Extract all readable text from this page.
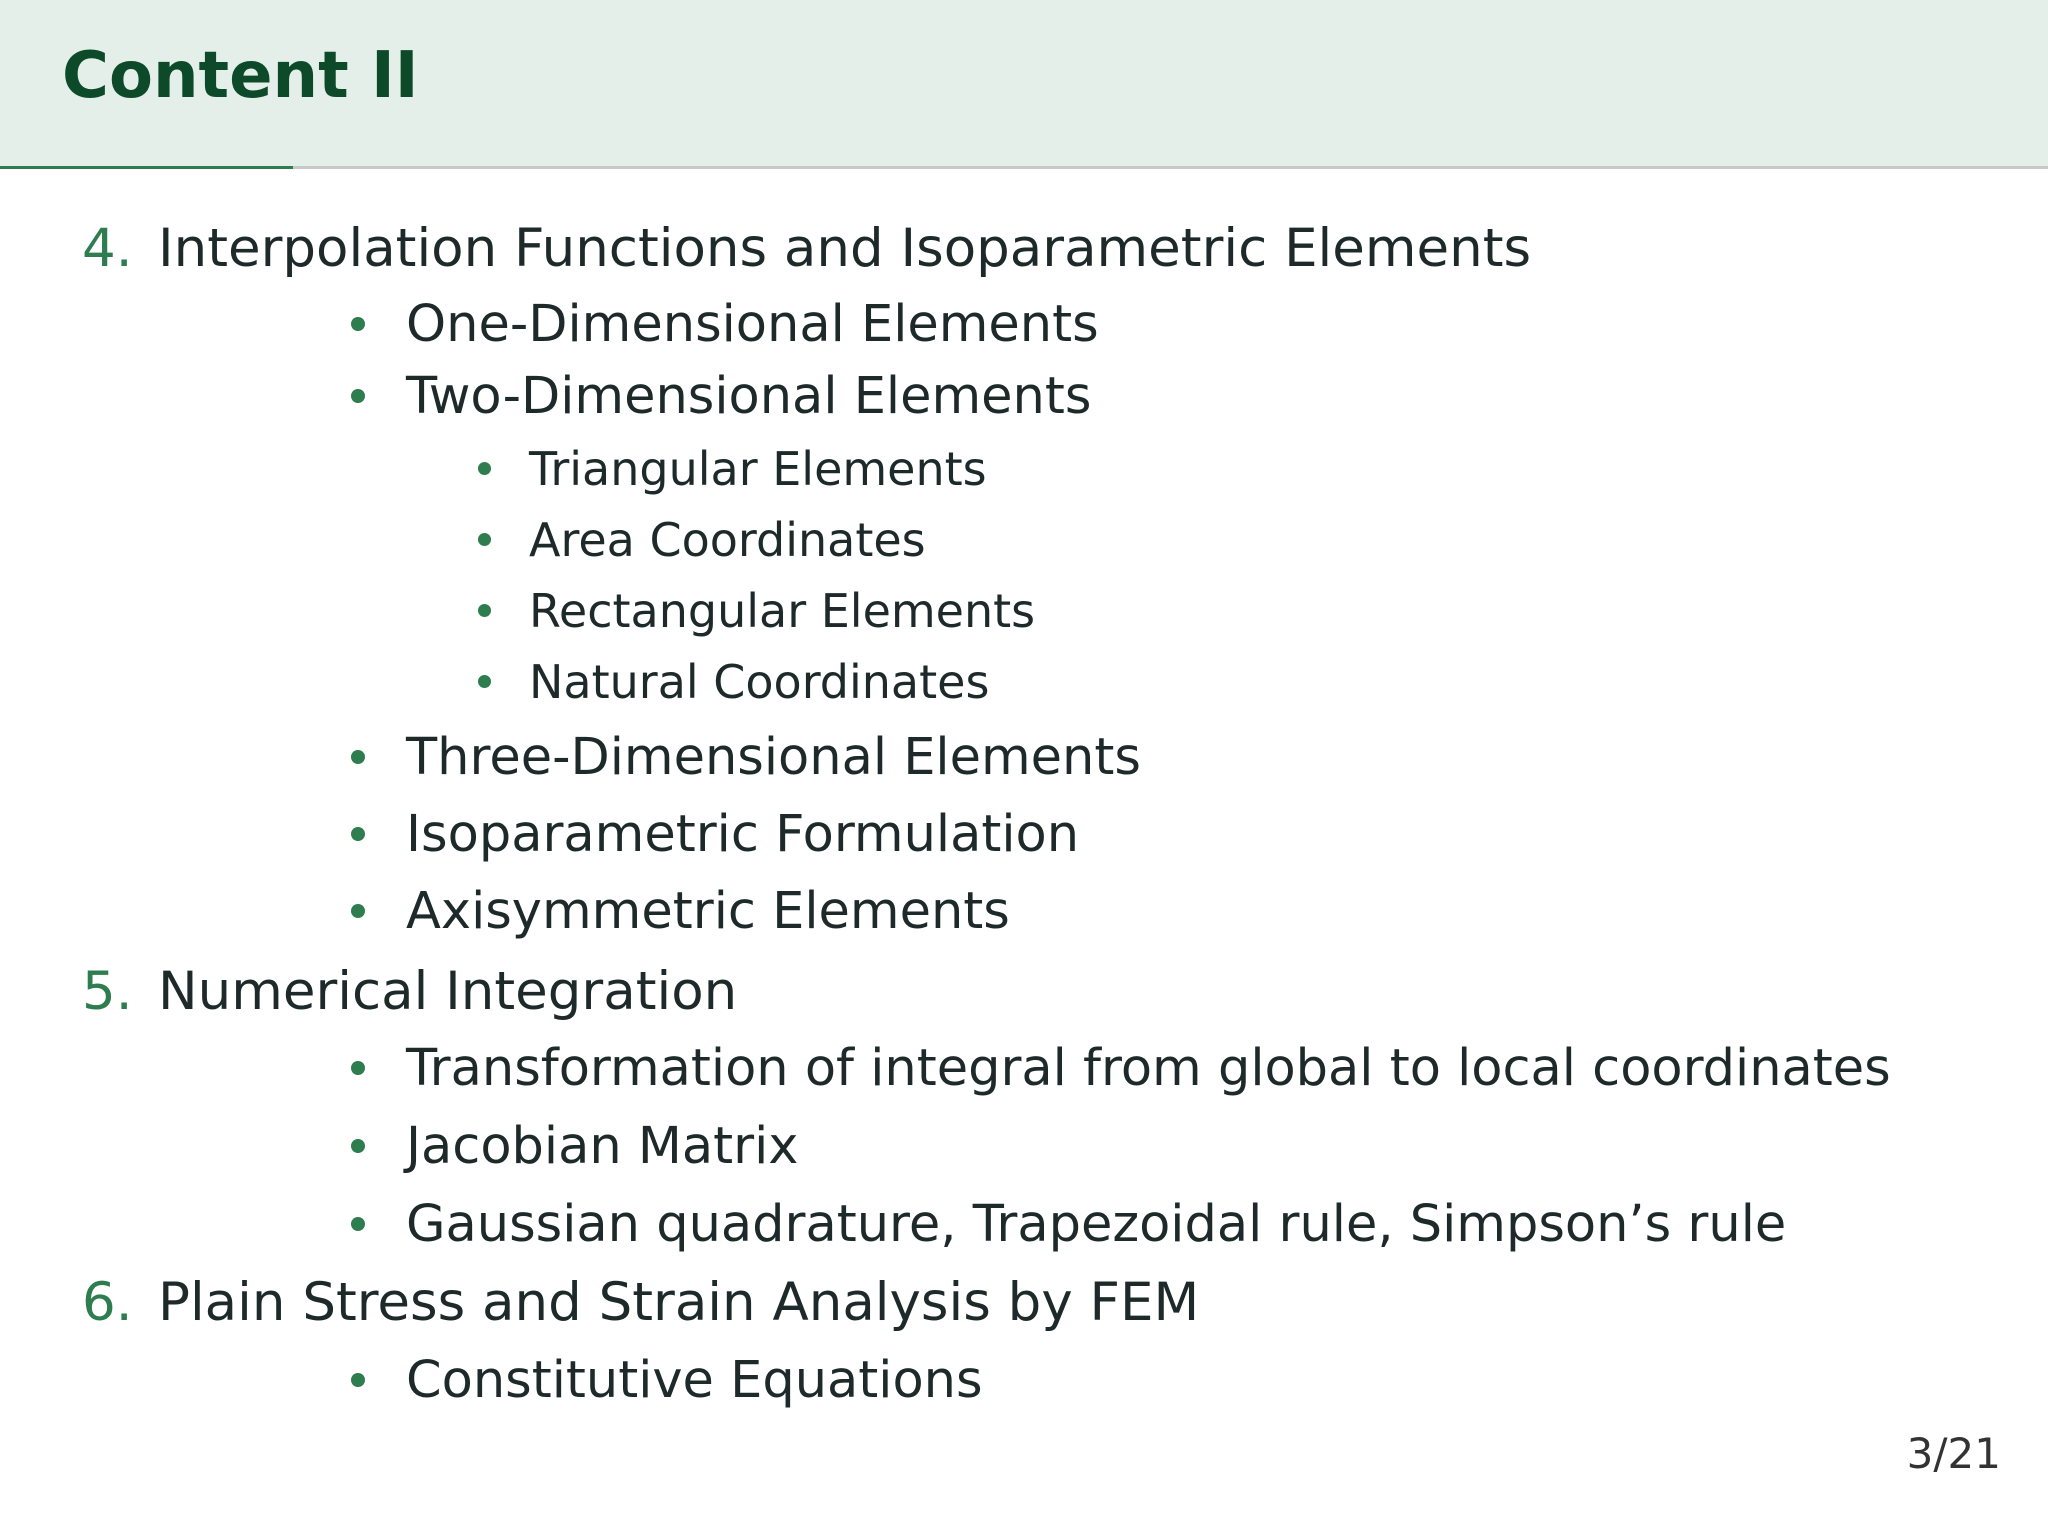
Content II
4. Interpolation Functions and Isoparametric Elements
One-Dimensional Elements
Two-Dimensional Elements
Triangular Elements
Area Coordinates
Rectangular Elements
Natural Coordinates
Three-Dimensional Elements
Isoparametric Formulation
Axisymmetric Elements
5. Numerical Integration
Transformation of integral from global to local coordinates
Jacobian Matrix
Gaussian quadrature, Trapezoidal rule, Simpson’s rule
6. Plain Stress and Strain Analysis by FEM
Constitutive Equations
3/21
